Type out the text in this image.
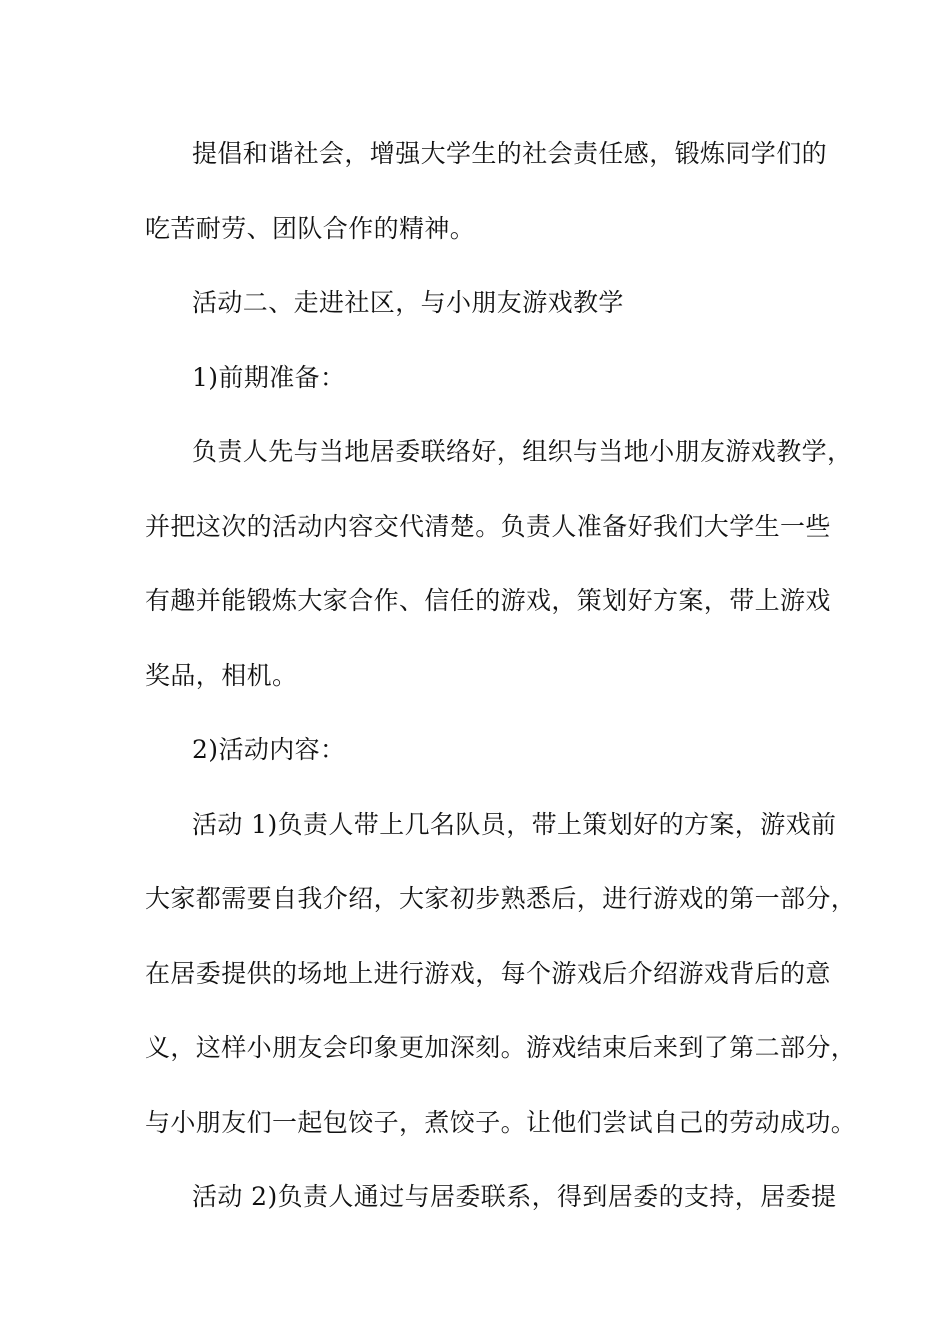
提倡和谐社会，增强大学生的社会责任感，锻炼同学们的
吃苦耐劳、团队合作的精神。
活动二、走进社区，与小朋友游戏教学
1)前期准备：
负责人先与当地居委联络好，组织与当地小朋友游戏教学，
并把这次的活动内容交代清楚。负责人准备好我们大学生一些
有趣并能锻炼大家合作、信任的游戏，策划好方案，带上游戏
奖品，相机。
2)活动内容：
活动 1)负责人带上几名队员，带上策划好的方案，游戏前
大家都需要自我介绍，大家初步熟悉后，进行游戏的第一部分，
在居委提供的场地上进行游戏，每个游戏后介绍游戏背后的意
义，这样小朋友会印象更加深刻。游戏结束后来到了第二部分，
与小朋友们一起包饺子，煮饺子。让他们尝试自己的劳动成功。
活动 2)负责人通过与居委联系，得到居委的支持，居委提
